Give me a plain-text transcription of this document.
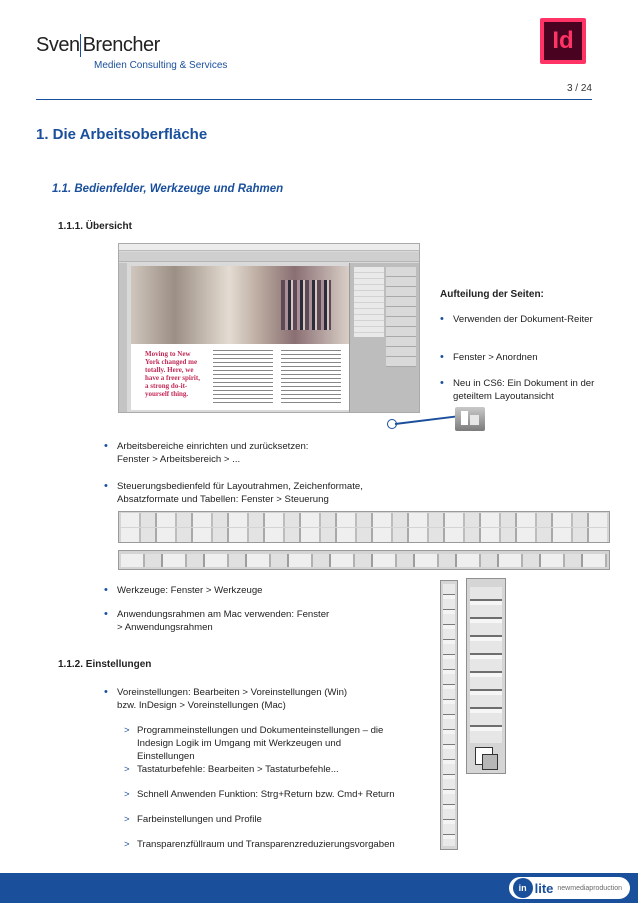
Sven Brencher
Medien Consulting & Services
Id
3 / 24
1. Die Arbeitsoberfläche
1.1. Bedienfelder, Werkzeuge und Rahmen
1.1.1. Übersicht
Moving to New York changed me totally. Here, we have a freer spirit, a strong do-it-yourself thing.
Aufteilung der Seiten:
• Verwenden der Dokument-Reiter
• Fenster > Anordnen
• Neu in CS6: Ein Dokument in der geteiltem Layoutansicht
• Arbeitsbereiche einrichten und zurücksetzen: Fenster > Arbeitsbereich > ...
• Steuerungsbedienfeld für Layoutrahmen, Zeichenformate, Absatzformate und Tabellen: Fenster > Steuerung
• Werkzeuge: Fenster > Werkzeuge
• Anwendungsrahmen am Mac verwenden: Fenster > Anwendungsrahmen
1.1.2. Einstellungen
• Voreinstellungen: Bearbeiten > Voreinstellungen (Win) bzw. InDesign > Voreinstellungen (Mac)
> Programmeinstellungen und Dokumenteinstellungen – die Indesign Logik im Umgang mit Werkzeugen und Einstellungen
> Tastaturbefehle: Bearbeiten > Tastaturbefehle...
> Schnell Anwenden Funktion: Strg+Return bzw. Cmd+ Return
> Farbeinstellungen und Profile
> Transparenzfüllraum und Transparenzreduzierungsvorgaben
in lite newmediaproduction
